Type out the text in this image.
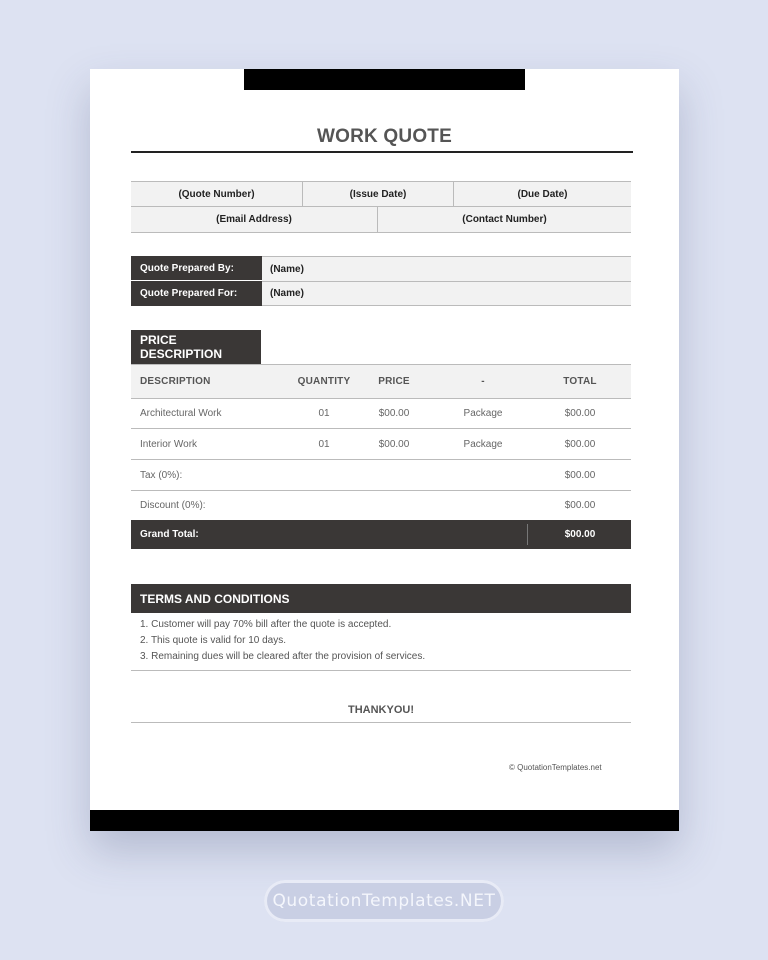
WORK QUOTE
(Quote Number)	(Issue Date)	(Due Date)
(Email Address)	(Contact Number)
Quote Prepared By:	(Name)
Quote Prepared For:	(Name)
PRICE DESCRIPTION
DESCRIPTION	QUANTITY	PRICE	-	TOTAL
Architectural Work	01	$00.00	Package	$00.00
Interior Work	01	$00.00	Package	$00.00
Tax (0%):	$00.00
Discount (0%):	$00.00
Grand Total:	$00.00
TERMS AND CONDITIONS
1. Customer will pay 70% bill after the quote is accepted.
2. This quote is valid for 10 days.
3. Remaining dues will be cleared after the provision of services.
THANKYOU!
© QuotationTemplates.net
QuotationTemplates.NET
